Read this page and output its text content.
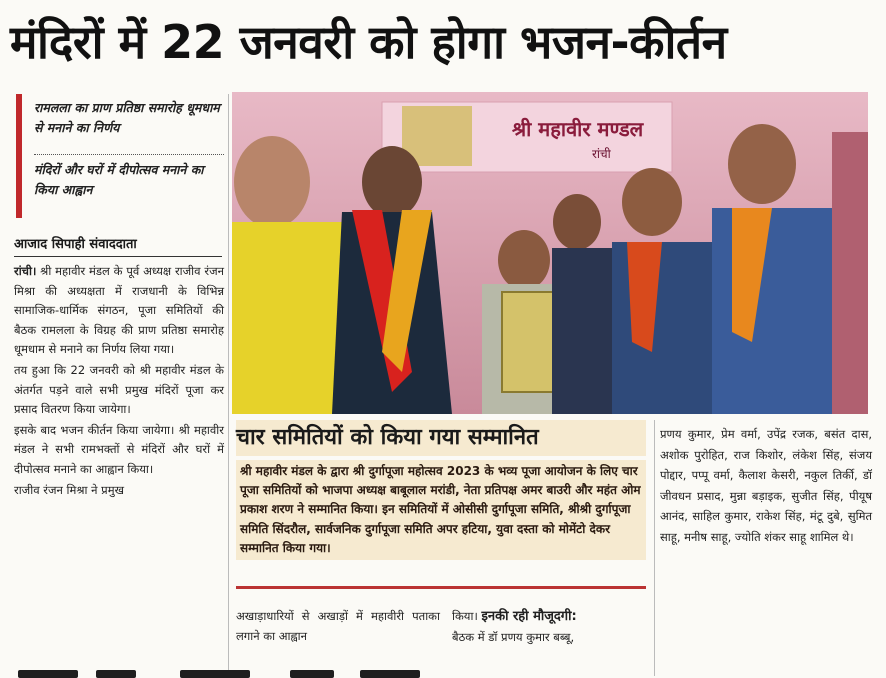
मंदिरों में 22 जनवरी को होगा भजन-कीर्तन
रामलला का प्राण प्रतिष्ठा समारोह धूमधाम से मनाने का निर्णय
मंदिरों और घरों में दीपोत्सव मनाने का किया आह्वान
आजाद सिपाही संवाददाता

रांची। श्री महावीर मंडल के पूर्व अध्यक्ष राजीव रंजन मिश्रा की अध्यक्षता में राजधानी के विभिन्न सामाजिक-धार्मिक संगठन, पूजा समितियों की बैठक रामलला के विग्रह की प्राण प्रतिष्ठा समारोह धूमधाम से मनाने का निर्णय लिया गया।

तय हुआ कि 22 जनवरी को श्री महावीर मंडल के अंतर्गत पड़ने वाले सभी प्रमुख मंदिरों पूजा कर प्रसाद वितरण किया जायेगा।

इसके बाद भजन कीर्तन किया जायेगा। श्री महावीर मंडल ने सभी रामभक्तों से मंदिरों और घरों में दीपोत्सव मनाने का आह्वान किया।

राजीव रंजन मिश्रा ने प्रमुख

श्री महावीर मण्डल
रांची
चार समितियों को किया गया सम्मानित
श्री महावीर मंडल के द्वारा श्री दुर्गापूजा महोत्सव 2023 के भव्य पूजा आयोजन के लिए चार पूजा समितियों को भाजपा अध्यक्ष बाबूलाल मरांडी, नेता प्रतिपक्ष अमर बाउरी और महंत ओम प्रकाश शरण ने सम्मानित किया। इन समितियों में ओसीसी दुर्गापूजा समिति, श्रीश्री दुर्गापूजा समिति सिंदरौल, सार्वजनिक दुर्गापूजा समिति अपर हटिया, युवा दस्ता को मोमेंटो देकर सम्मानित किया गया।
प्रणय कुमार, प्रेम वर्मा, उपेंद्र रजक, बसंत दास, अशोक पुरोहित, राज किशोर, लंकेश सिंह, संजय पोद्दार, पप्पू वर्मा, कैलाश केसरी, नकुल तिर्की, डॉ जीवधन प्रसाद, मुन्ना बड़ाइक, सुजीत सिंह, पीयूष आनंद, साहिल कुमार, राकेश सिंह, मंटू दुबे, सुमित साहू, मनीष साहू, ज्योति शंकर साहू शामिल थे।
अखाड़ाधारियों से अखाड़ों में महावीरी पताका लगाने का आह्वान
किया। इनकी रही मौजूदगी:
बैठक में डॉ प्रणय कुमार बब्बू,
